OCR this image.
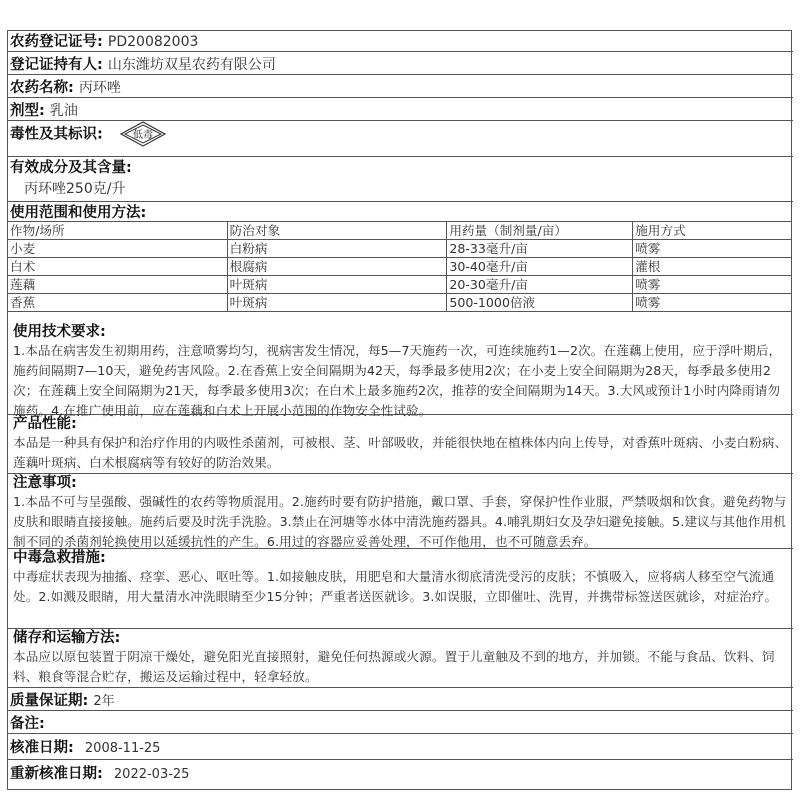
农药登记证号: PD20082003
登记证持有人: 山东潍坊双星农药有限公司
农药名称: 丙环唑
剂型: 乳油
毒性及其标识:	低毒
有效成分及其含量:
丙环唑250克/升
使用范围和使用方法:
作物/场所	防治对象	用药量（制剂量/亩）	施用方式
小麦	白粉病	28-33毫升/亩	喷雾
白术	根腐病	30-40毫升/亩	灌根
莲藕	叶斑病	20-30毫升/亩	喷雾
香蕉	叶斑病	500-1000倍液	喷雾
使用技术要求:
1.本品在病害发生初期用药，注意喷雾均匀，视病害发生情况，每5—7天施药一次，可连续施药1—2次。在莲藕上使用，应于浮叶期后，施药间隔期7—10天，避免药害风险。2.在香蕉上安全间隔期为42天，每季最多使用2次；在小麦上安全间隔期为28天，每季最多使用2次；在莲藕上安全间隔期为21天，每季最多使用3次；在白术上最多施药2次，推荐的安全间隔期为14天。3.大风或预计1小时内降雨请勿施药。4.在推广使用前，应在莲藕和白术上开展小范围的作物安全性试验。
产品性能:
本品是一种具有保护和治疗作用的内吸性杀菌剂，可被根、茎、叶部吸收，并能很快地在植株体内向上传导，对香蕉叶斑病、小麦白粉病、莲藕叶斑病、白术根腐病等有较好的防治效果。
注意事项:
1.本品不可与呈强酸、强碱性的农药等物质混用。2.施药时要有防护措施，戴口罩、手套，穿保护性作业服，严禁吸烟和饮食。避免药物与皮肤和眼睛直接接触。施药后要及时洗手洗脸。3.禁止在河塘等水体中清洗施药器具。4.哺乳期妇女及孕妇避免接触。5.建议与其他作用机制不同的杀菌剂轮换使用以延缓抗性的产生。6.用过的容器应妥善处理，不可作他用，也不可随意丢弃。
中毒急救措施:
中毒症状表现为抽搐、痉挛、恶心、呕吐等。1.如接触皮肤，用肥皂和大量清水彻底清洗受污的皮肤；不慎吸入，应将病人移至空气流通处。2.如溅及眼睛，用大量清水冲洗眼睛至少15分钟；严重者送医就诊。3.如误服，立即催吐、洗胃，并携带标签送医就诊，对症治疗。
储存和运输方法:
本品应以原包装置于阴凉干燥处，避免阳光直接照射，避免任何热源或火源。置于儿童触及不到的地方，并加锁。不能与食品、饮料、饲料、粮食等混合贮存，搬运及运输过程中，轻拿轻放。
质量保证期: 2年
备注:
核准日期: 2008-11-25
重新核准日期: 2022-03-25
